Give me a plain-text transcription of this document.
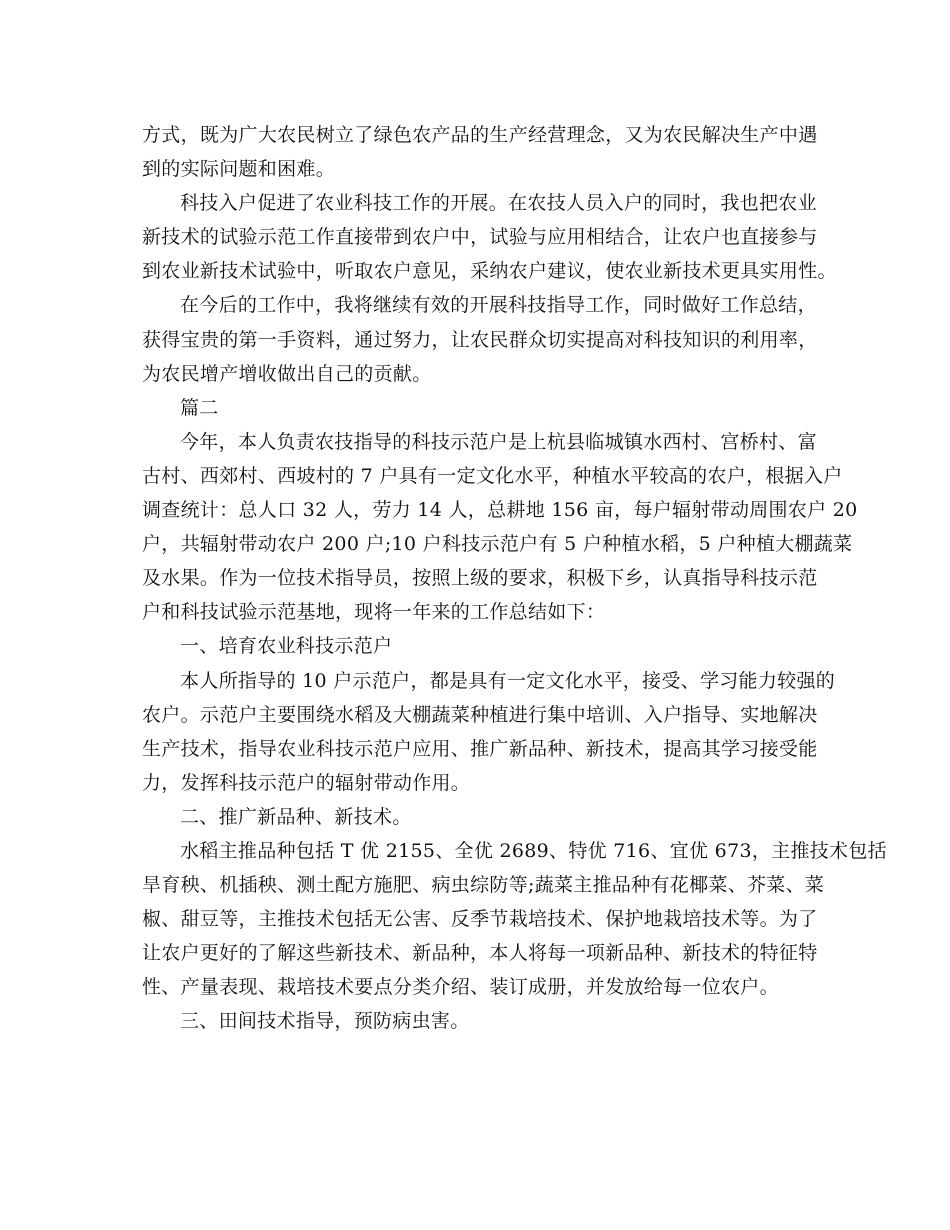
方式，既为广大农民树立了绿色农产品的生产经营理念，又为农民解决生产中遇
到的实际问题和困难。
科技入户促进了农业科技工作的开展。在农技人员入户的同时，我也把农业
新技术的试验示范工作直接带到农户中，试验与应用相结合，让农户也直接参与
到农业新技术试验中，听取农户意见，采纳农户建议，使农业新技术更具实用性。
在今后的工作中，我将继续有效的开展科技指导工作，同时做好工作总结，
获得宝贵的第一手资料，通过努力，让农民群众切实提高对科技知识的利用率，
为农民增产增收做出自己的贡献。
篇二
今年，本人负责农技指导的科技示范户是上杭县临城镇水西村、宫桥村、富
古村、西郊村、西坡村的 7 户具有一定文化水平，种植水平较高的农户，根据入户
调查统计：总人口 32 人，劳力 14 人，总耕地 156 亩，每户辐射带动周围农户 20
户，共辐射带动农户 200 户;10 户科技示范户有 5 户种植水稻，5 户种植大棚蔬菜
及水果。作为一位技术指导员，按照上级的要求，积极下乡，认真指导科技示范
户和科技试验示范基地，现将一年来的工作总结如下：
一、培育农业科技示范户
本人所指导的 10 户示范户，都是具有一定文化水平，接受、学习能力较强的
农户。示范户主要围绕水稻及大棚蔬菜种植进行集中培训、入户指导、实地解决
生产技术，指导农业科技示范户应用、推广新品种、新技术，提高其学习接受能
力，发挥科技示范户的辐射带动作用。
二、推广新品种、新技术。
水稻主推品种包括 T 优 2155、全优 2689、特优 716、宜优 673，主推技术包括
旱育秧、机插秧、测土配方施肥、病虫综防等;蔬菜主推品种有花椰菜、芥菜、菜
椒、甜豆等，主推技术包括无公害、反季节栽培技术、保护地栽培技术等。为了
让农户更好的了解这些新技术、新品种，本人将每一项新品种、新技术的特征特
性、产量表现、栽培技术要点分类介绍、装订成册，并发放给每一位农户。
三、田间技术指导，预防病虫害。
